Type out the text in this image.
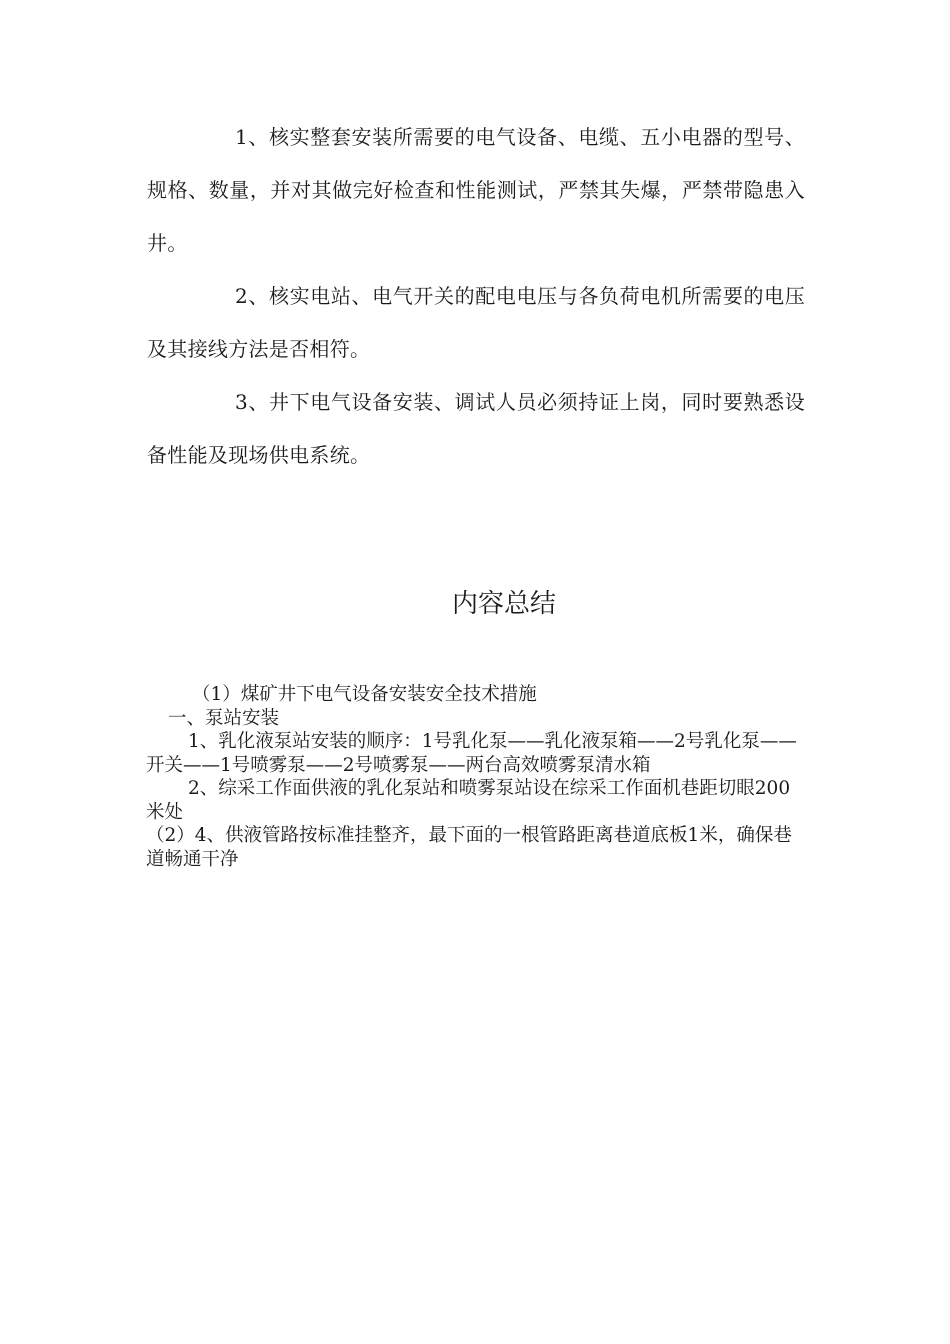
1、核实整套安装所需要的电气设备、电缆、五小电器的型号、规格、数量，并对其做完好检查和性能测试，严禁其失爆，严禁带隐患入井。

2、核实电站、电气开关的配电电压与各负荷电机所需要的电压及其接线方法是否相符。

3、井下电气设备安装、调试人员必须持证上岗，同时要熟悉设备性能及现场供电系统。

内容总结

（1）煤矿井下电气设备安装安全技术措施

一、泵站安装

1、乳化液泵站安装的顺序：1号乳化泵——乳化液泵箱——2号乳化泵——开关——1号喷雾泵——2号喷雾泵——两台高效喷雾泵清水箱

2、综采工作面供液的乳化泵站和喷雾泵站设在综采工作面机巷距切眼200米处

（2）4、供液管路按标准挂整齐，最下面的一根管路距离巷道底板1米，确保巷道畅通干净
